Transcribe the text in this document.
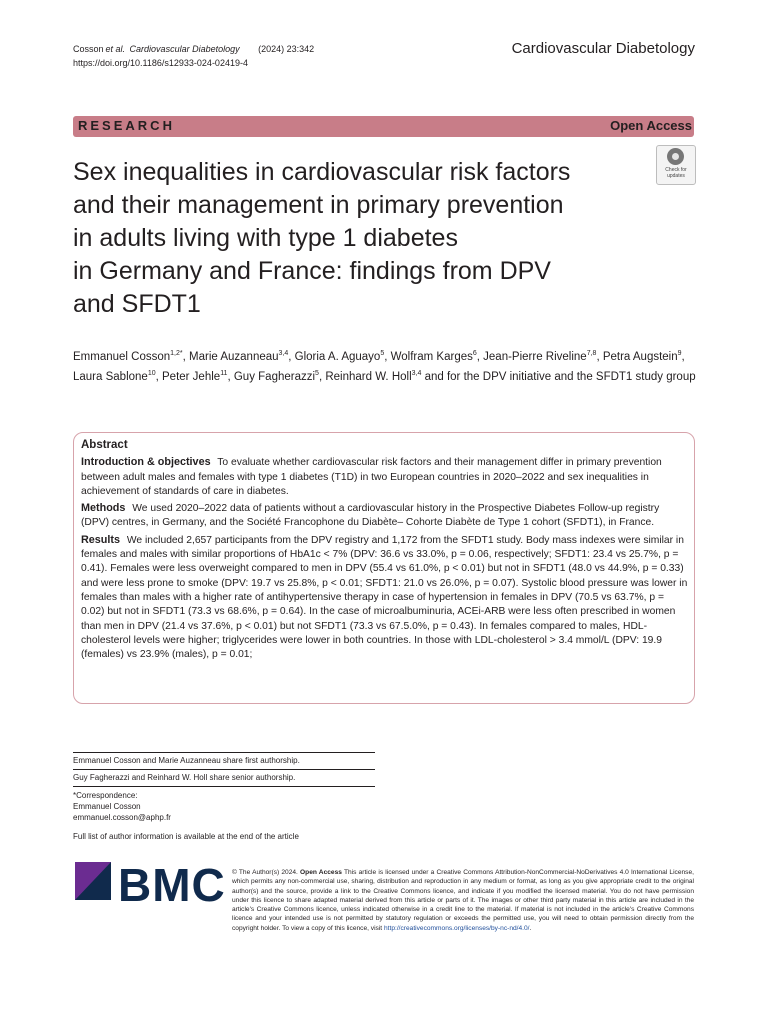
Cosson et al. Cardiovascular Diabetology (2024) 23:342
https://doi.org/10.1186/s12933-024-02419-4
Cardiovascular Diabetology
RESEARCH	Open Access
Check for updates
Sex inequalities in cardiovascular risk factors
and their management in primary prevention
in adults living with type 1 diabetes
in Germany and France: findings from DPV
and SFDT1
Emmanuel Cosson$^{1,2*}$, Marie Auzanneau$^{3,4}$, Gloria A. Aguayo$^5$, Wolfram Karges$^6$, Jean-Pierre Riveline$^{7,8}$, Petra Augstein$^9$, Laura Sablone$^{10}$, Peter Jehle$^{11}$, Guy Fagherazzi$^5$, Reinhard W. Holl$^{3,4}$ and for the DPV initiative and the SFDT1 study group
Abstract

Introduction & objectives To evaluate whether cardiovascular risk factors and their management differ in primary prevention between adult males and females with type 1 diabetes (T1D) in two European countries in 2020–2022 and sex inequalities in achievement of standards of care in diabetes.

Methods We used 2020–2022 data of patients without a cardiovascular history in the Prospective Diabetes Follow-up registry (DPV) centres, in Germany, and the Société Francophone du Diabète– Cohorte Diabète de Type 1 cohort (SFDT1), in France.

Results We included 2,657 participants from the DPV registry and 1,172 from the SFDT1 study. Body mass indexes were similar in females and males with similar proportions of HbA1c < 7% (DPV: 36.6 vs 33.0%, p = 0.06, respectively; SFDT1: 23.4 vs 25.7%, p = 0.41). Females were less overweight compared to men in DPV (55.4 vs 61.0%, p < 0.01) but not in SFDT1 (48.0 vs 44.9%, p = 0.33) and were less prone to smoke (DPV: 19.7 vs 25.8%, p < 0.01; SFDT1: 21.0 vs 26.0%, p = 0.07). Systolic blood pressure was lower in females than males with a higher rate of antihypertensive therapy in case of hypertension in females in DPV (70.5 vs 63.7%, p = 0.02) but not in SFDT1 (73.3 vs 68.6%, p = 0.64). In the case of microalbuminuria, ACEi-ARB were less often prescribed in women than men in DPV (21.4 vs 37.6%, p < 0.01) but not SFDT1 (73.3 vs 67.5.0%, p = 0.43). In females compared to males, HDL-cholesterol levels were higher; triglycerides were lower in both countries. In those with LDL-cholesterol > 3.4 mmol/L (DPV: 19.9 (females) vs 23.9% (males), p = 0.01;

Emmanuel Cosson and Marie Auzanneau share first authorship.
Guy Fagherazzi and Reinhard W. Holl share senior authorship.
*Correspondence:
Emmanuel Cosson
emmanuel.cosson@aphp.fr
Full list of author information is available at the end of the article
BMC © The Author(s) 2024. Open Access This article is licensed under a Creative Commons Attribution-NonCommercial-NoDerivatives 4.0 International License, which permits any non-commercial use, sharing, distribution and reproduction in any medium or format, as long as you give appropriate credit to the original author(s) and the source, provide a link to the Creative Commons licence, and indicate if you modified the licensed material. You do not have permission under this licence to share adapted material derived from this article or parts of it. The images or other third party material in this article are included in the article's Creative Commons licence, unless indicated otherwise in a credit line to the material. If material is not included in the article's Creative Commons licence and your intended use is not permitted by statutory regulation or exceeds the permitted use, you will need to obtain permission directly from the copyright holder. To view a copy of this licence, visit http://creativecommons.org/licenses/by-nc-nd/4.0/.
